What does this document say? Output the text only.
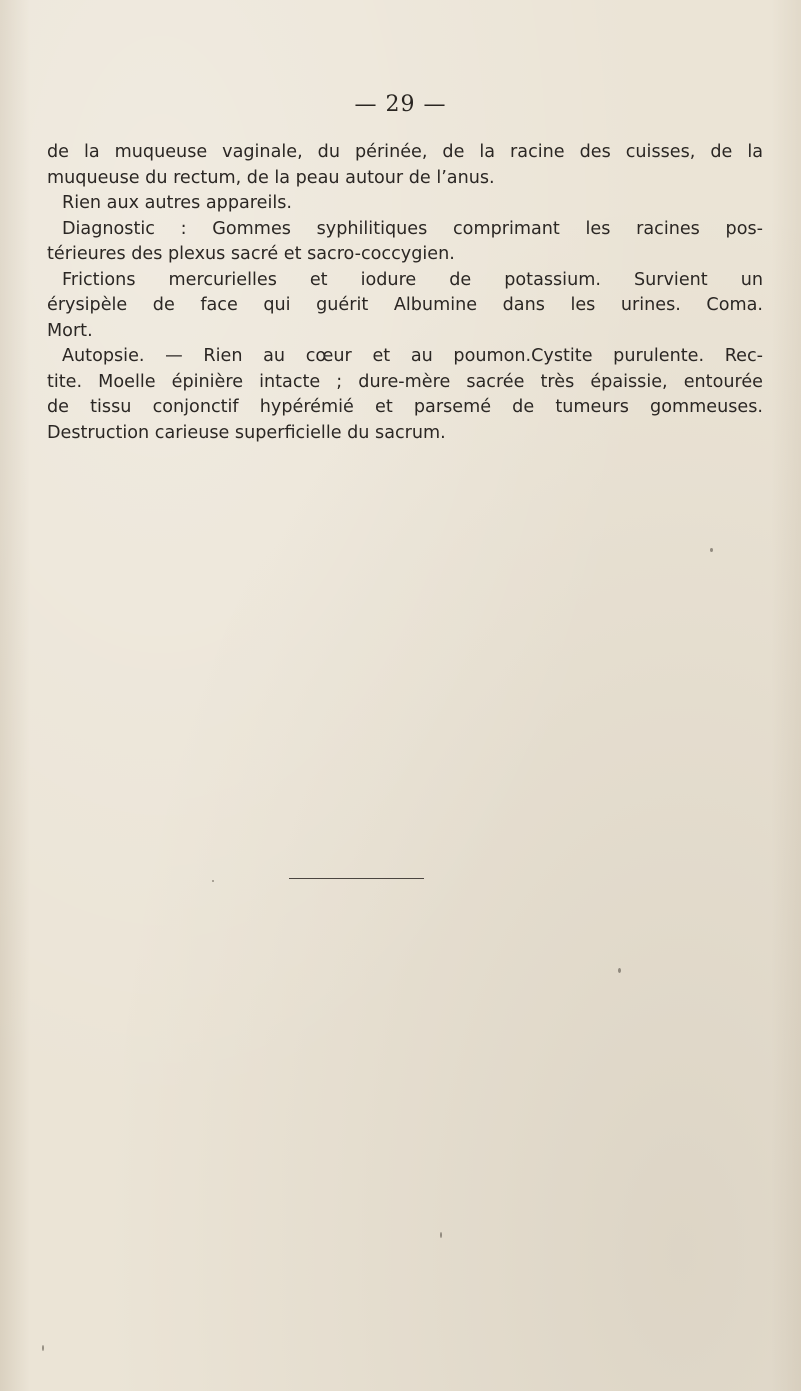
— 29 —
de la muqueuse vaginale, du périnée, de la racine des cuisses, de la
muqueuse du rectum, de la peau autour de l’anus.
Rien aux autres appareils.
Diagnostic : Gommes syphilitiques comprimant les racines pos-
térieures des plexus sacré et sacro-coccygien.
Frictions mercurielles et iodure de potassium. Survient un
érysipèle de face qui guérit Albumine dans les urines. Coma.
Mort.
Autopsie. — Rien au cœur et au poumon.Cystite purulente. Rec-
tite. Moelle épinière intacte ; dure-mère sacrée très épaissie, entourée
de tissu conjonctif hypérémié et parsemé de tumeurs gommeuses.
Destruction carieuse superficielle du sacrum.
